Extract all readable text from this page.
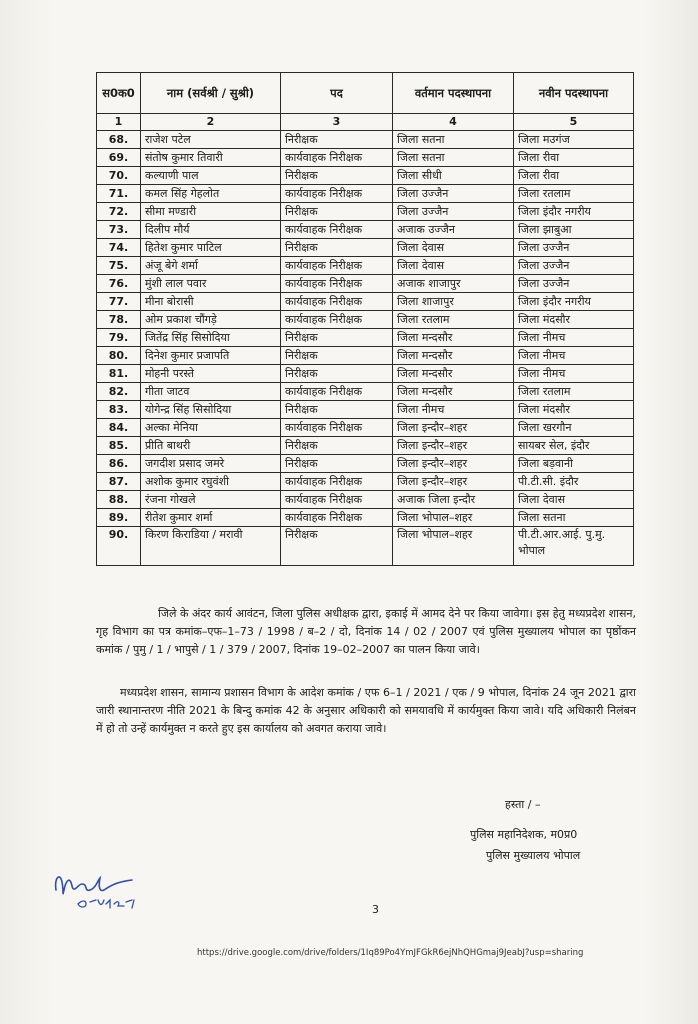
स0क0	नाम (सर्वश्री / सुश्री)	पद	वर्तमान पदस्थापना	नवीन पदस्थापना
1	2	3	4	5
68.	राजेश पटेल	निरीक्षक	जिला सतना	जिला मउगंज
69.	संतोष कुमार तिवारी	कार्यवाहक निरीक्षक	जिला सतना	जिला रीवा
70.	कल्याणी पाल	निरीक्षक	जिला सीधी	जिला रीवा
71.	कमल सिंह गेहलोत	कार्यवाहक निरीक्षक	जिला उज्जैन	जिला रतलाम
72.	सीमा मण्डारी	निरीक्षक	जिला उज्जैन	जिला इंदौर नगरीय
73.	दिलीप मौर्य	कार्यवाहक निरीक्षक	अजाक उज्जैन	जिला झाबुआ
74.	हितेश कुमार पाटिल	निरीक्षक	जिला देवास	जिला उज्जैन
75.	अंजू बेगे शर्मा	कार्यवाहक निरीक्षक	जिला देवास	जिला उज्जैन
76.	मुंशी लाल पवार	कार्यवाहक निरीक्षक	अजाक शाजापुर	जिला उज्जैन
77.	मीना बोरासी	कार्यवाहक निरीक्षक	जिला शाजापुर	जिला इंदौर नगरीय
78.	ओम प्रकाश चौंगड़े	कार्यवाहक निरीक्षक	जिला रतलाम	जिला मंदसौर
79.	जितेंद्र सिंह सिसोदिया	निरीक्षक	जिला मन्दसौर	जिला नीमच
80.	दिनेश कुमार प्रजापति	निरीक्षक	जिला मन्दसौर	जिला नीमच
81.	मोहनी परस्ते	निरीक्षक	जिला मन्दसौर	जिला नीमच
82.	गीता जाटव	कार्यवाहक निरीक्षक	जिला मन्दसौर	जिला रतलाम
83.	योगेन्द्र सिंह सिसोदिया	निरीक्षक	जिला नीमच	जिला मंदसौर
84.	अल्का मेनिया	कार्यवाहक निरीक्षक	जिला इन्दौर–शहर	जिला खरगौन
85.	प्रीति बाथरी	निरीक्षक	जिला इन्दौर–शहर	सायबर सेल, इंदौर
86.	जगदीश प्रसाद जमरे	निरीक्षक	जिला इन्दौर–शहर	जिला बड़वानी
87.	अशोक कुमार रघुवंशी	कार्यवाहक निरीक्षक	जिला इन्दौर–शहर	पी.टी.सी. इंदौर
88.	रंजना गोखले	कार्यवाहक निरीक्षक	अजाक जिला इन्दौर	जिला देवास
89.	रीतेश कुमार शर्मा	कार्यवाहक निरीक्षक	जिला भोपाल–शहर	जिला सतना
90.	किरण किराडिया / मरावी	निरीक्षक	जिला भोपाल–शहर	पी.टी.आर.आई. पु.मु. भोपाल
जिले के अंदर कार्य आवंटन, जिला पुलिस अधीक्षक द्वारा, इकाई में आमद देने पर किया जावेगा। इस हेतु मध्यप्रदेश शासन, गृह विभाग का पत्र कमांक–एफ–1–73 / 1998 / ब–2 / दो, दिनांक 14 / 02 / 2007 एवं पुलिस मुख्यालय भोपाल का पृष्ठोंकन कमांक / पुमु / 1 / भापुसे / 1 / 379 / 2007, दिनांक 19–02–2007 का पालन किया जावे।
मध्यप्रदेश शासन, सामान्य प्रशासन विभाग के आदेश कमांक / एफ 6–1 / 2021 / एक / 9 भोपाल, दिनांक 24 जून 2021 द्वारा जारी स्थानान्तरण नीति 2021 के बिन्दु कमांक 42 के अनुसार अधिकारी को समयावधि में कार्यमुक्त किया जावे। यदि अधिकारी निलंबन में हो तो उन्हें कार्यमुक्त न करते हुए इस कार्यालय को अवगत कराया जावे।
हस्ता / –
पुलिस महानिदेशक, म0प्र0
पुलिस मुख्यालय भोपाल
3
https://drive.google.com/drive/folders/1Iq89Po4YmJFGkR6ejNhQHGmaj9JeabJ?usp=sharing
